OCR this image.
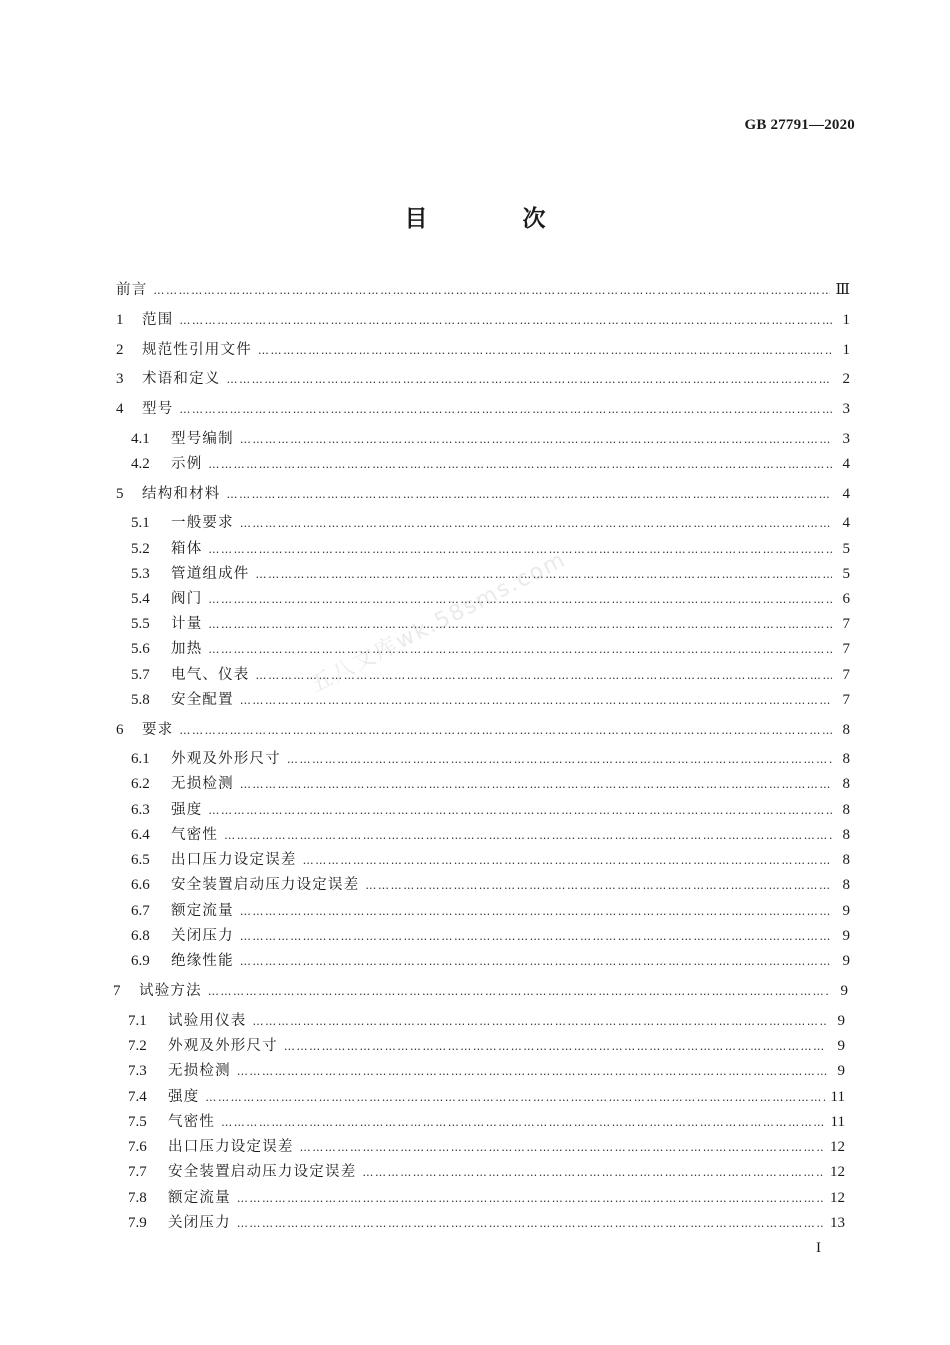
GB 27791—2020
目　次
前言 ………………………………………………………………………………………………………………………………………………………………………………………………………………………………………	Ⅲ
1	范围 ………………………………………………………………………………………………………………………………………………………………………………………………………………………………………	1
2	规范性引用文件 ………………………………………………………………………………………………………………………………………………………………………………………………………………………………………	1
3	术语和定义 ………………………………………………………………………………………………………………………………………………………………………………………………………………………………………	2
4	型号 ………………………………………………………………………………………………………………………………………………………………………………………………………………………………………	3
4.1	型号编制 ………………………………………………………………………………………………………………………………………………………………………………………………………………………………………	3
4.2	示例 ………………………………………………………………………………………………………………………………………………………………………………………………………………………………………	4
5	结构和材料 ………………………………………………………………………………………………………………………………………………………………………………………………………………………………………	4
5.1	一般要求 ………………………………………………………………………………………………………………………………………………………………………………………………………………………………………	4
5.2	箱体 ………………………………………………………………………………………………………………………………………………………………………………………………………………………………………	5
5.3	管道组成件 ………………………………………………………………………………………………………………………………………………………………………………………………………………………………………	5
5.4	阀门 ………………………………………………………………………………………………………………………………………………………………………………………………………………………………………	6
5.5	计量 ………………………………………………………………………………………………………………………………………………………………………………………………………………………………………	7
5.6	加热 ………………………………………………………………………………………………………………………………………………………………………………………………………………………………………	7
5.7	电气、仪表 ………………………………………………………………………………………………………………………………………………………………………………………………………………………………………	7
5.8	安全配置 ………………………………………………………………………………………………………………………………………………………………………………………………………………………………………	7
6	要求 ………………………………………………………………………………………………………………………………………………………………………………………………………………………………………	8
6.1	外观及外形尺寸 ………………………………………………………………………………………………………………………………………………………………………………………………………………………………………	8
6.2	无损检测 ………………………………………………………………………………………………………………………………………………………………………………………………………………………………………	8
6.3	强度 ………………………………………………………………………………………………………………………………………………………………………………………………………………………………………	8
6.4	气密性 ………………………………………………………………………………………………………………………………………………………………………………………………………………………………………	8
6.5	出口压力设定误差 ………………………………………………………………………………………………………………………………………………………………………………………………………………………………………	8
6.6	安全装置启动压力设定误差 ………………………………………………………………………………………………………………………………………………………………………………………………………………………………………	8
6.7	额定流量 ………………………………………………………………………………………………………………………………………………………………………………………………………………………………………	9
6.8	关闭压力 ………………………………………………………………………………………………………………………………………………………………………………………………………………………………………	9
6.9	绝缘性能 ………………………………………………………………………………………………………………………………………………………………………………………………………………………………………	9
7	试验方法 ………………………………………………………………………………………………………………………………………………………………………………………………………………………………………	9
7.1	试验用仪表 ………………………………………………………………………………………………………………………………………………………………………………………………………………………………………	9
7.2	外观及外形尺寸 ………………………………………………………………………………………………………………………………………………………………………………………………………………………………………	9
7.3	无损检测 ………………………………………………………………………………………………………………………………………………………………………………………………………………………………………	9
7.4	强度 ………………………………………………………………………………………………………………………………………………………………………………………………………………………………………	11
7.5	气密性 ………………………………………………………………………………………………………………………………………………………………………………………………………………………………………	11
7.6	出口压力设定误差 ………………………………………………………………………………………………………………………………………………………………………………………………………………………………………	12
7.7	安全装置启动压力设定误差 ………………………………………………………………………………………………………………………………………………………………………………………………………………………………………	12
7.8	额定流量 ………………………………………………………………………………………………………………………………………………………………………………………………………………………………………	12
7.9	关闭压力 ………………………………………………………………………………………………………………………………………………………………………………………………………………………………………	13
五八文库wk.58sms.com
I
